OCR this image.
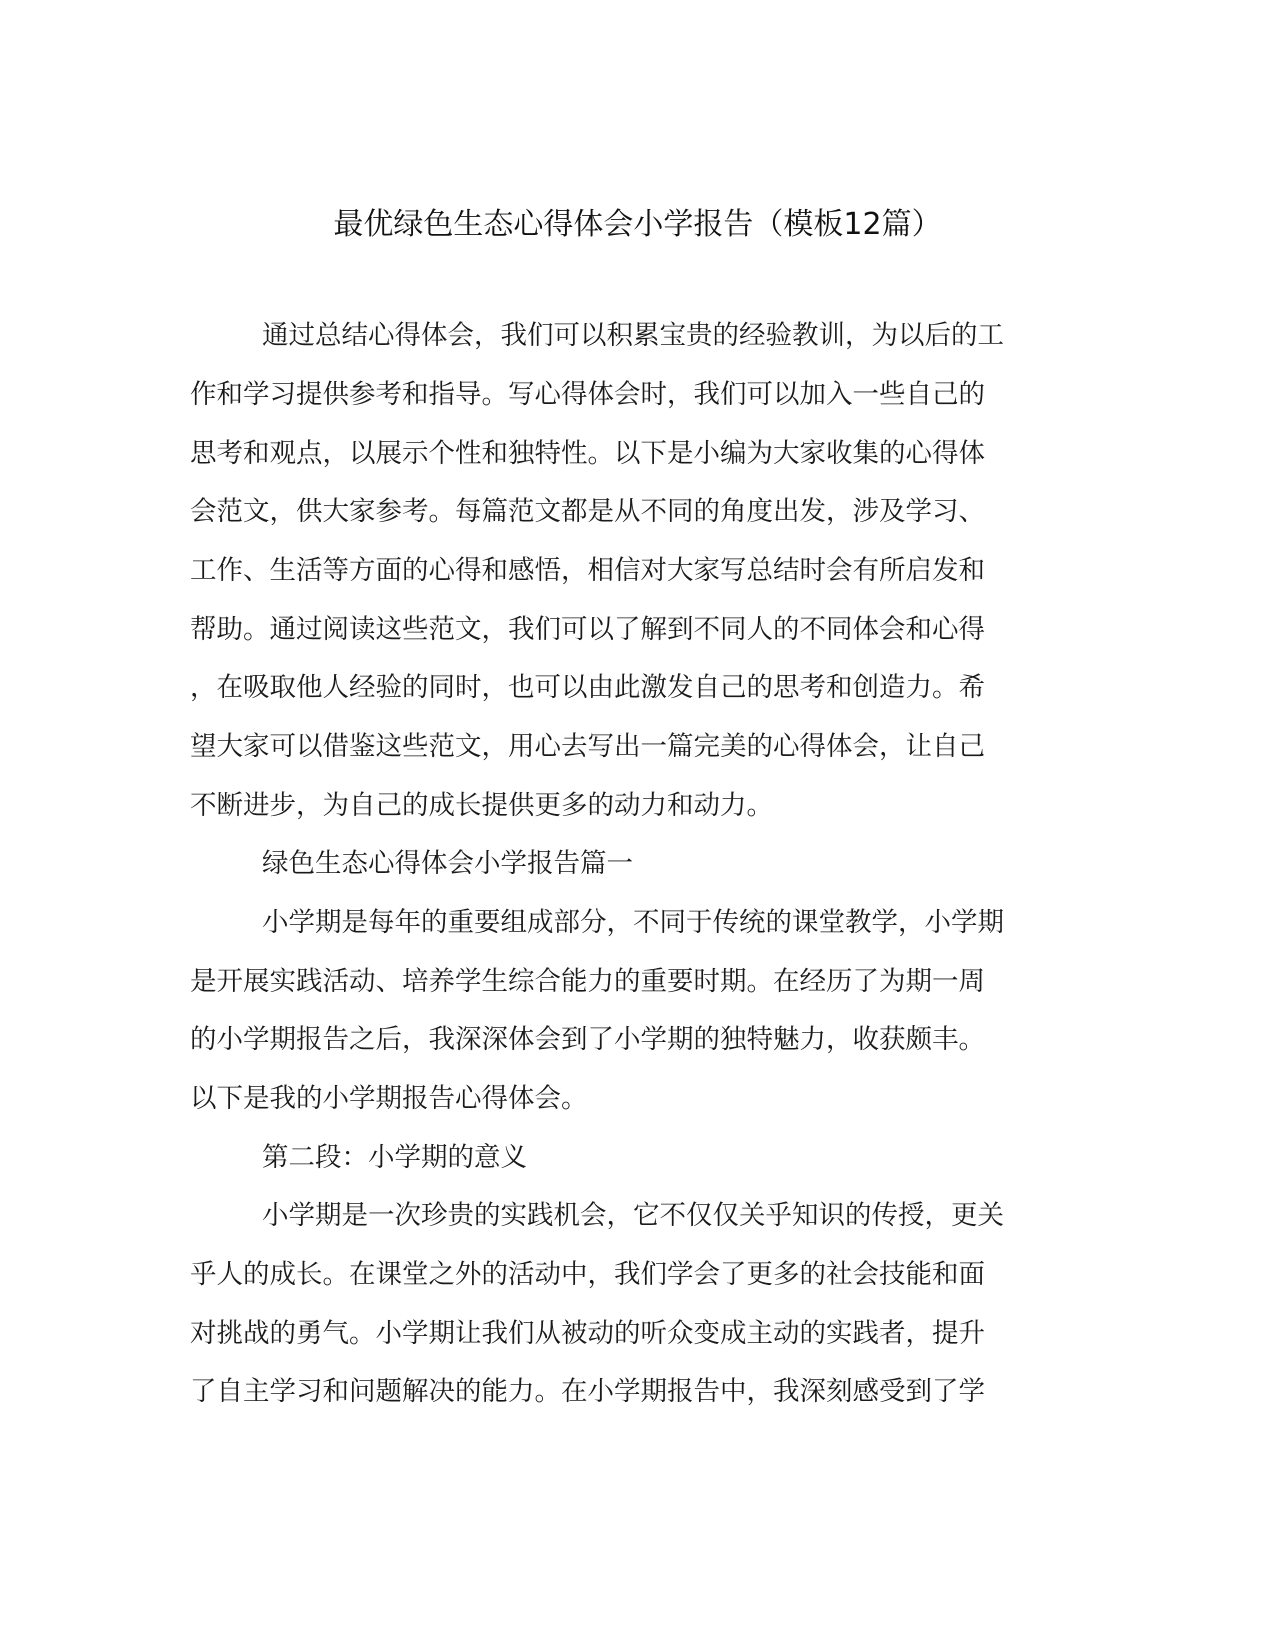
最优绿色生态心得体会小学报告（模板12篇）
通过总结心得体会，我们可以积累宝贵的经验教训，为以后的工
作和学习提供参考和指导。写心得体会时，我们可以加入一些自己的
思考和观点，以展示个性和独特性。以下是小编为大家收集的心得体
会范文，供大家参考。每篇范文都是从不同的角度出发，涉及学习、
工作、生活等方面的心得和感悟，相信对大家写总结时会有所启发和
帮助。通过阅读这些范文，我们可以了解到不同人的不同体会和心得
，在吸取他人经验的同时，也可以由此激发自己的思考和创造力。希
望大家可以借鉴这些范文，用心去写出一篇完美的心得体会，让自己
不断进步，为自己的成长提供更多的动力和动力。
绿色生态心得体会小学报告篇一
小学期是每年的重要组成部分，不同于传统的课堂教学，小学期
是开展实践活动、培养学生综合能力的重要时期。在经历了为期一周
的小学期报告之后，我深深体会到了小学期的独特魅力，收获颇丰。
以下是我的小学期报告心得体会。
第二段：小学期的意义
小学期是一次珍贵的实践机会，它不仅仅关乎知识的传授，更关
乎人的成长。在课堂之外的活动中，我们学会了更多的社会技能和面
对挑战的勇气。小学期让我们从被动的听众变成主动的实践者，提升
了自主学习和问题解决的能力。在小学期报告中，我深刻感受到了学
